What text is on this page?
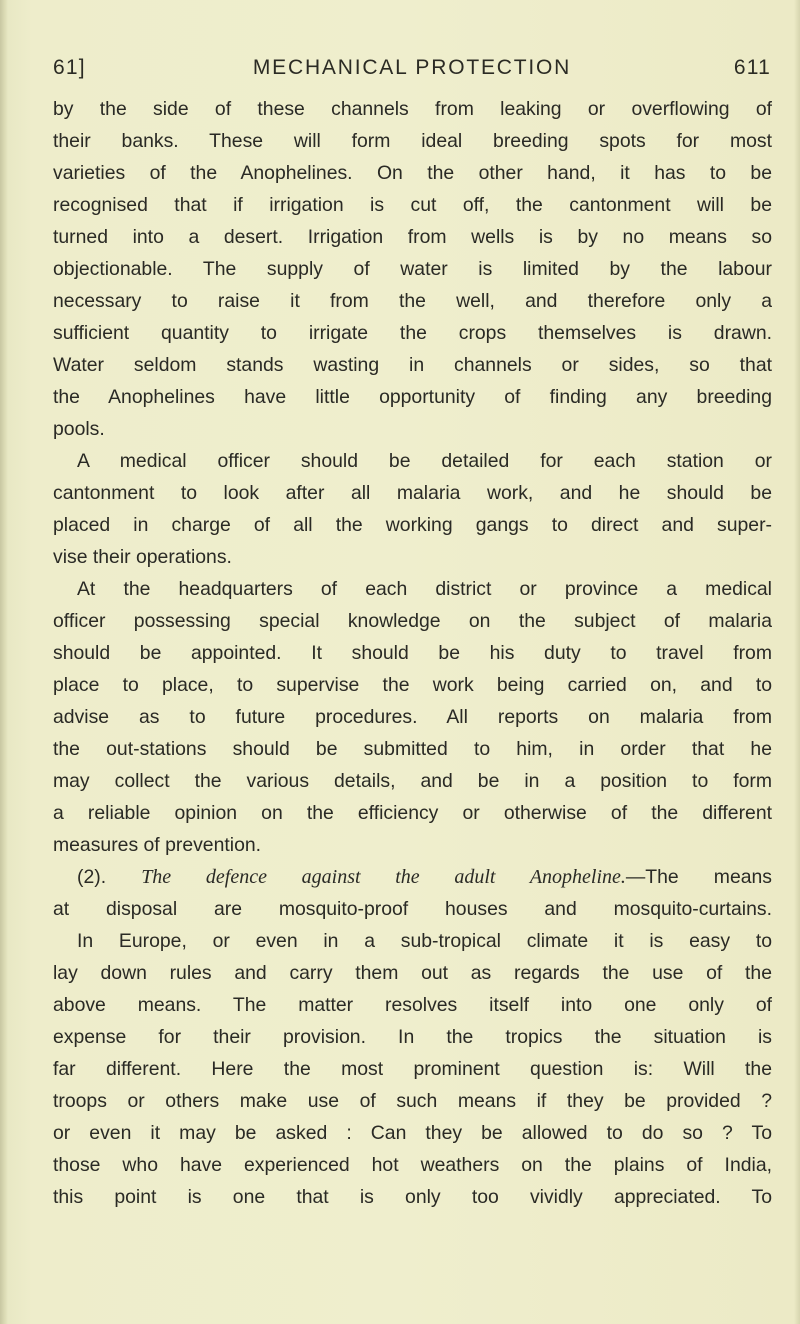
61]	MECHANICAL PROTECTION	611
by the side of these channels from leaking or overflowing of
their banks. These will form ideal breeding spots for most
varieties of the Anophelines. On the other hand, it has to be
recognised that if irrigation is cut off, the cantonment will be
turned into a desert. Irrigation from wells is by no means so
objectionable. The supply of water is limited by the labour
necessary to raise it from the well, and therefore only a
sufficient quantity to irrigate the crops themselves is drawn.
Water seldom stands wasting in channels or sides, so that
the Anophelines have little opportunity of finding any breeding
pools.
A medical officer should be detailed for each station or
cantonment to look after all malaria work, and he should be
placed in charge of all the working gangs to direct and super-
vise their operations.
At the headquarters of each district or province a medical
officer possessing special knowledge on the subject of malaria
should be appointed. It should be his duty to travel from
place to place, to supervise the work being carried on, and to
advise as to future procedures. All reports on malaria from
the out-stations should be submitted to him, in order that he
may collect the various details, and be in a position to form
a reliable opinion on the efficiency or otherwise of the different
measures of prevention.
(2). The defence against the adult Anopheline.—The means
at disposal are mosquito-proof houses and mosquito-curtains.
In Europe, or even in a sub-tropical climate it is easy to
lay down rules and carry them out as regards the use of the
above means. The matter resolves itself into one only of
expense for their provision. In the tropics the situation is
far different. Here the most prominent question is: Will the
troops or others make use of such means if they be provided ?
or even it may be asked : Can they be allowed to do so ? To
those who have experienced hot weathers on the plains of India,
this point is one that is only too vividly appreciated. To
